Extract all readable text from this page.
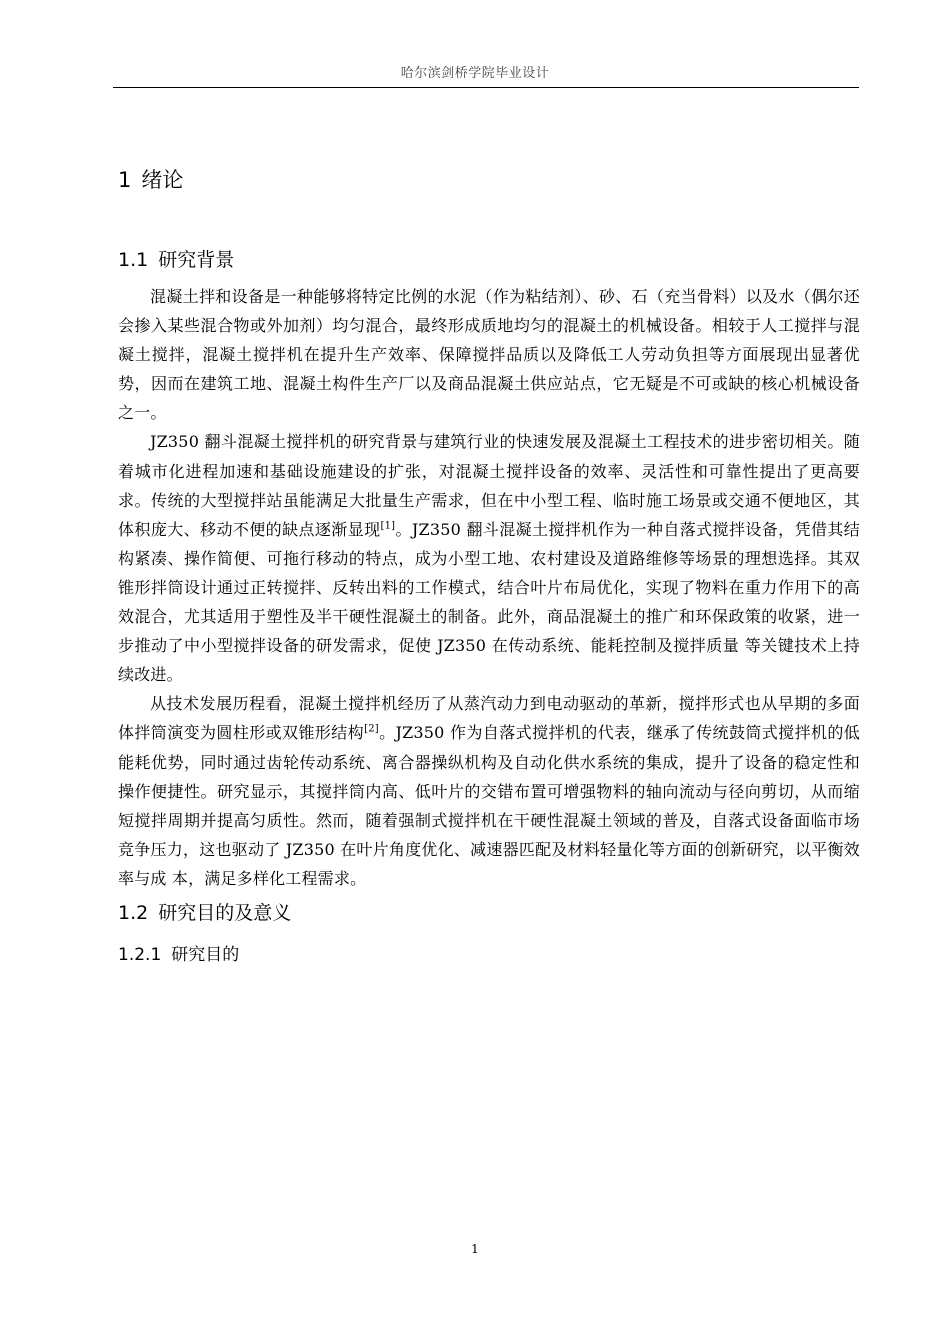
哈尔滨剑桥学院毕业设计
1 绪论
1.1 研究背景

混凝土拌和设备是一种能够将特定比例的水泥（作为粘结剂）、砂、石（充当骨料）以及水（偶尔还会掺入某些混合物或外加剂）均匀混合，最终形成质地均匀的混凝土的机械设备。相较于人工搅拌与混凝土搅拌，混凝土搅拌机在提升生产效率、保障搅拌品质以及降低工人劳动负担等方面展现出显著优势，因而在建筑工地、混凝土构件生产厂以及商品混凝土供应站点，它无疑是不可或缺的核心机械设备之一。

JZ350 翻斗混凝土搅拌机的研究背景与建筑行业的快速发展及混凝土工程技术的进步密切相关。随着城市化进程加速和基础设施建设的扩张，对混凝土搅拌设备的效率、灵活性和可靠性提出了更高要求。传统的大型搅拌站虽能满足大批量生产需求，但在中小型工程、临时施工场景或交通不便地区，其体积庞大、移动不便的缺点逐渐显现[1]。JZ350 翻斗混凝土搅拌机作为一种自落式搅拌设备，凭借其结构紧凑、操作简便、可拖行移动的特点，成为小型工地、农村建设及道路维修等场景的理想选择。其双锥形拌筒设计通过正转搅拌、反转出料的工作模式，结合叶片布局优化，实现了物料在重力作用下的高效混合，尤其适用于塑性及半干硬性混凝土的制备。此外，商品混凝土的推广和环保政策的收紧，进一步推动了中小型搅拌设备的研发需求，促使 JZ350 在传动系统、能耗控制及搅拌质量 等关键技术上持续改进。

从技术发展历程看，混凝土搅拌机经历了从蒸汽动力到电动驱动的革新，搅拌形式也从早期的多面体拌筒演变为圆柱形或双锥形结构[2]。JZ350 作为自落式搅拌机的代表，继承了传统鼓筒式搅拌机的低能耗优势，同时通过齿轮传动系统、离合器操纵机构及自动化供水系统的集成，提升了设备的稳定性和操作便捷性。研究显示，其搅拌筒内高、低叶片的交错布置可增强物料的轴向流动与径向剪切，从而缩短搅拌周期并提高匀质性。然而，随着强制式搅拌机在干硬性混凝土领域的普及，自落式设备面临市场竞争压力，这也驱动了 JZ350 在叶片角度优化、减速器匹配及材料轻量化等方面的创新研究，以平衡效率与成 本，满足多样化工程需求。

1.2 研究目的及意义
1.2.1 研究目的
1
